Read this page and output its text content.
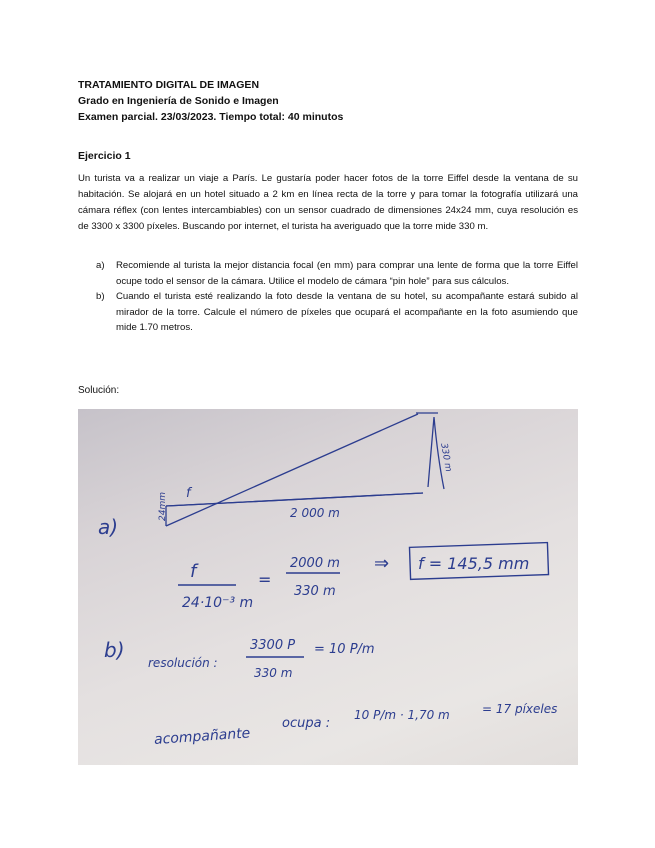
TRATAMIENTO DIGITAL DE IMAGEN
Grado en Ingeniería de Sonido e Imagen
Examen parcial. 23/03/2023. Tiempo total: 40 minutos
Ejercicio 1
Un turista va a realizar un viaje a París. Le gustaría poder hacer fotos de la torre Eiffel desde la ventana de su habitación. Se alojará en un hotel situado a 2 km en línea recta de la torre y para tomar la fotografía utilizará una cámara réflex (con lentes intercambiables) con un sensor cuadrado de dimensiones 24x24 mm, cuya resolución es de 3300 x 3300 píxeles. Buscando por internet, el turista ha averiguado que la torre mide 330 m.
a)	Recomiende al turista la mejor distancia focal (en mm) para comprar una lente de forma que la torre Eiffel ocupe todo el sensor de la cámara. Utilice el modelo de cámara “pin hole” para sus cálculos.
b)	Cuando el turista esté realizando la foto desde la ventana de su hotel, su acompañante estará subido al mirador de la torre. Calcule el número de píxeles que ocupará el acompañante en la foto asumiendo que mide 1.70 metros.
Solución:
f
24mm	2 000 m
330 m
a)
f
24·10⁻³ m
=
2000 m
330 m
⇒ f = 145,5 mm
b)
resolución :
3300 P
330 m
= 10 P/m
acompañante
ocupa :
10 P/m · 1,70 m	= 17 píxeles
